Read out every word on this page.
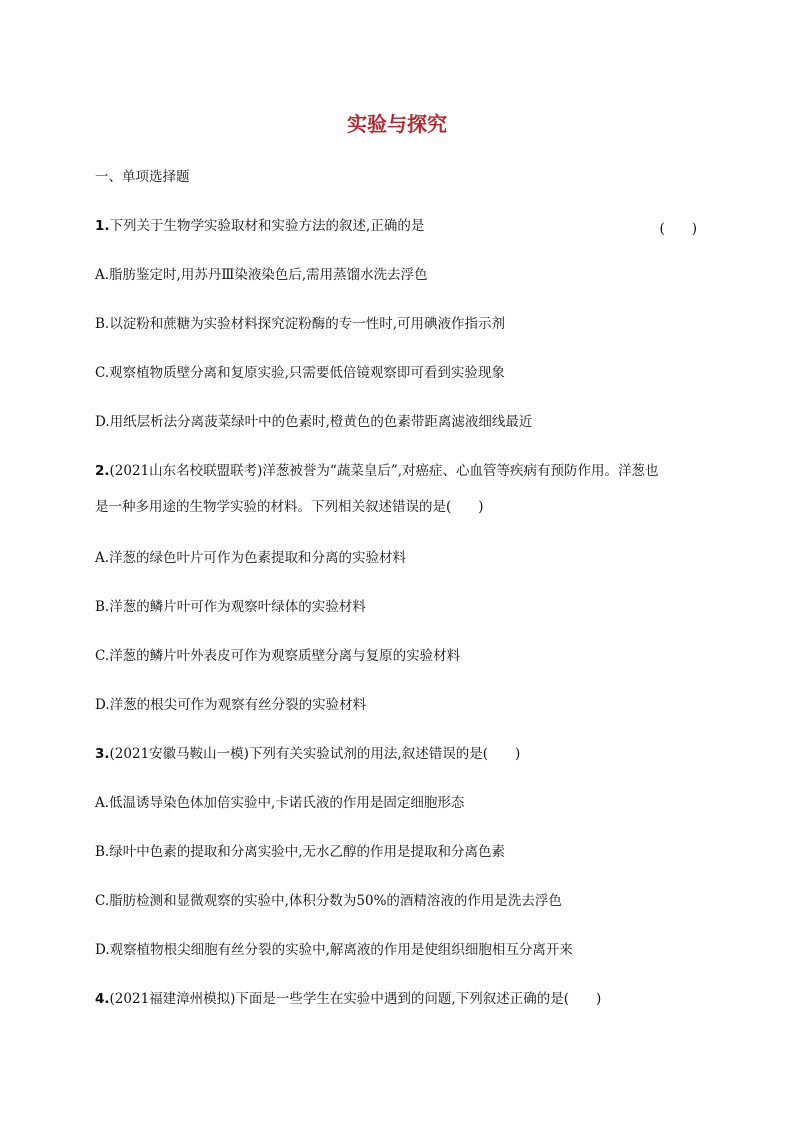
实验与探究
一、单项选择题
1.下列关于生物学实验取材和实验方法的叙述,正确的是	(　　)
A.脂肪鉴定时,用苏丹Ⅲ染液染色后,需用蒸馏水洗去浮色
B.以淀粉和蔗糖为实验材料探究淀粉酶的专一性时,可用碘液作指示剂
C.观察植物质壁分离和复原实验,只需要低倍镜观察即可看到实验现象
D.用纸层析法分离菠菜绿叶中的色素时,橙黄色的色素带距离滤液细线最近
2.(2021山东名校联盟联考)洋葱被誉为“蔬菜皇后”,对癌症、心血管等疾病有预防作用。洋葱也
是一种多用途的生物学实验的材料。下列相关叙述错误的是(　　)
A.洋葱的绿色叶片可作为色素提取和分离的实验材料
B.洋葱的鳞片叶可作为观察叶绿体的实验材料
C.洋葱的鳞片叶外表皮可作为观察质壁分离与复原的实验材料
D.洋葱的根尖可作为观察有丝分裂的实验材料
3.(2021安徽马鞍山一模)下列有关实验试剂的用法,叙述错误的是(　　)
A.低温诱导染色体加倍实验中,卡诺氏液的作用是固定细胞形态
B.绿叶中色素的提取和分离实验中,无水乙醇的作用是提取和分离色素
C.脂肪检测和显微观察的实验中,体积分数为50%的酒精溶液的作用是洗去浮色
D.观察植物根尖细胞有丝分裂的实验中,解离液的作用是使组织细胞相互分离开来
4.(2021福建漳州模拟)下面是一些学生在实验中遇到的问题,下列叙述正确的是(　　)
